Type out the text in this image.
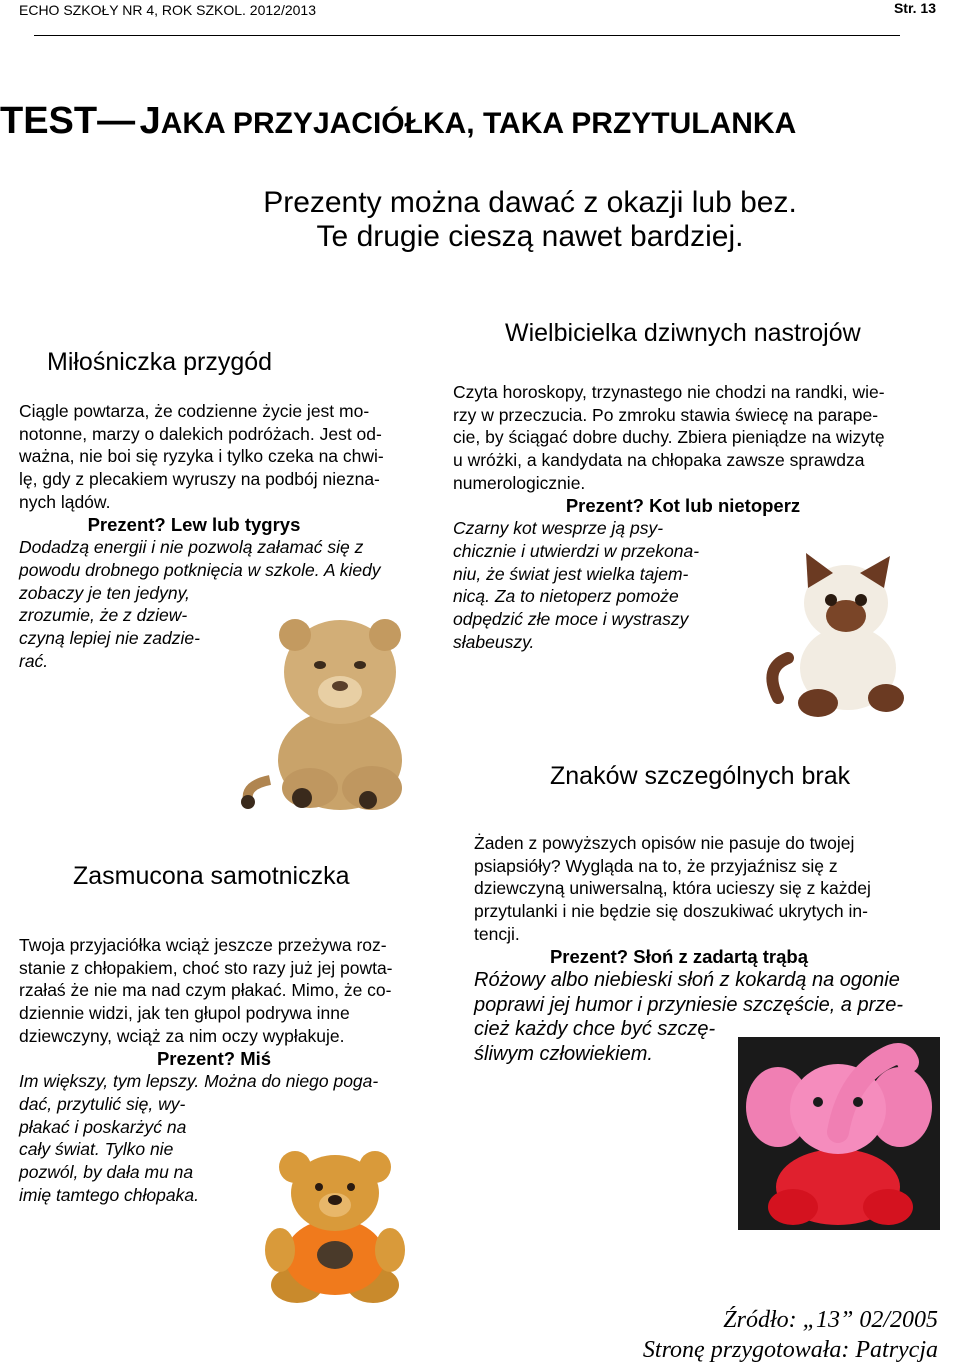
ECHO SZKOŁY NR 4, ROK SZKOL. 2012/2013	Str. 13
TEST— JAKA PRZYJACIÓŁKA, TAKA PRZYTULANKA
Prezenty można dawać z okazji lub bez.
Te drugie cieszą nawet bardziej.
Miłośniczka przygód

Ciągle powtarza, że codzienne życie jest mo-

notonne, marzy o dalekich podróżach. Jest od-

ważna, nie boi się ryzyka i tylko czeka na chwi-

lę, gdy z plecakiem wyruszy na podbój niezna-

nych lądów.

Prezent? Lew lub tygrys

Dodadzą energii i nie pozwolą załamać się z

powodu drobnego potknięcia w szkole. A kiedy

zobaczy je ten jedyny,

zrozumie, że z dziew-

czyną lepiej nie zadzie-

rać.

Wielbicielka dziwnych nastrojów

Czyta horoskopy, trzynastego nie chodzi na randki, wie-

rzy w przeczucia. Po zmroku stawia świecę na parape-

cie, by ściągać dobre duchy. Zbiera pieniądze na wizytę

u wróżki, a kandydata na chłopaka zawsze sprawdza

numerologicznie.

Prezent? Kot lub nietoperz

Czarny kot wesprze ją psy-

chicznie i utwierdzi w przekona-

niu, że świat jest wielka tajem-

nicą. Za to nietoperz pomoże

odpędzić złe moce i wystraszy

słabeuszy.

Znaków szczególnych brak

Żaden z powyższych opisów nie pasuje do twojej

psiapsióły? Wygląda na to, że przyjaźnisz się z

dziewczyną uniwersalną, która ucieszy się z każdej

przytulanki i nie będzie się doszukiwać ukrytych in-

tencji.

Prezent? Słoń z zadartą trąbą

Różowy albo niebieski słoń z kokardą na ogonie

poprawi jej humor i przyniesie szczęście, a prze-

cież każdy chce być szczę-

śliwym człowiekiem.

Zasmucona samotniczka

Twoja przyjaciółka wciąż jeszcze przeżywa roz-

stanie z chłopakiem, choć sto razy już jej powta-

rzałaś że nie ma nad czym płakać. Mimo, że co-

dziennie widzi, jak ten głupol podrywa inne

dziewczyny, wciąż za nim oczy wypłakuje.

Prezent? Miś

Im większy, tym lepszy. Można do niego poga-

dać, przytulić się, wy-

płakać i poskarżyć na

cały świat. Tylko nie

pozwól, by dała mu na

imię tamtego chłopaka.

Źródło: „13” 02/2005
Stronę przygotowała: Patrycja
